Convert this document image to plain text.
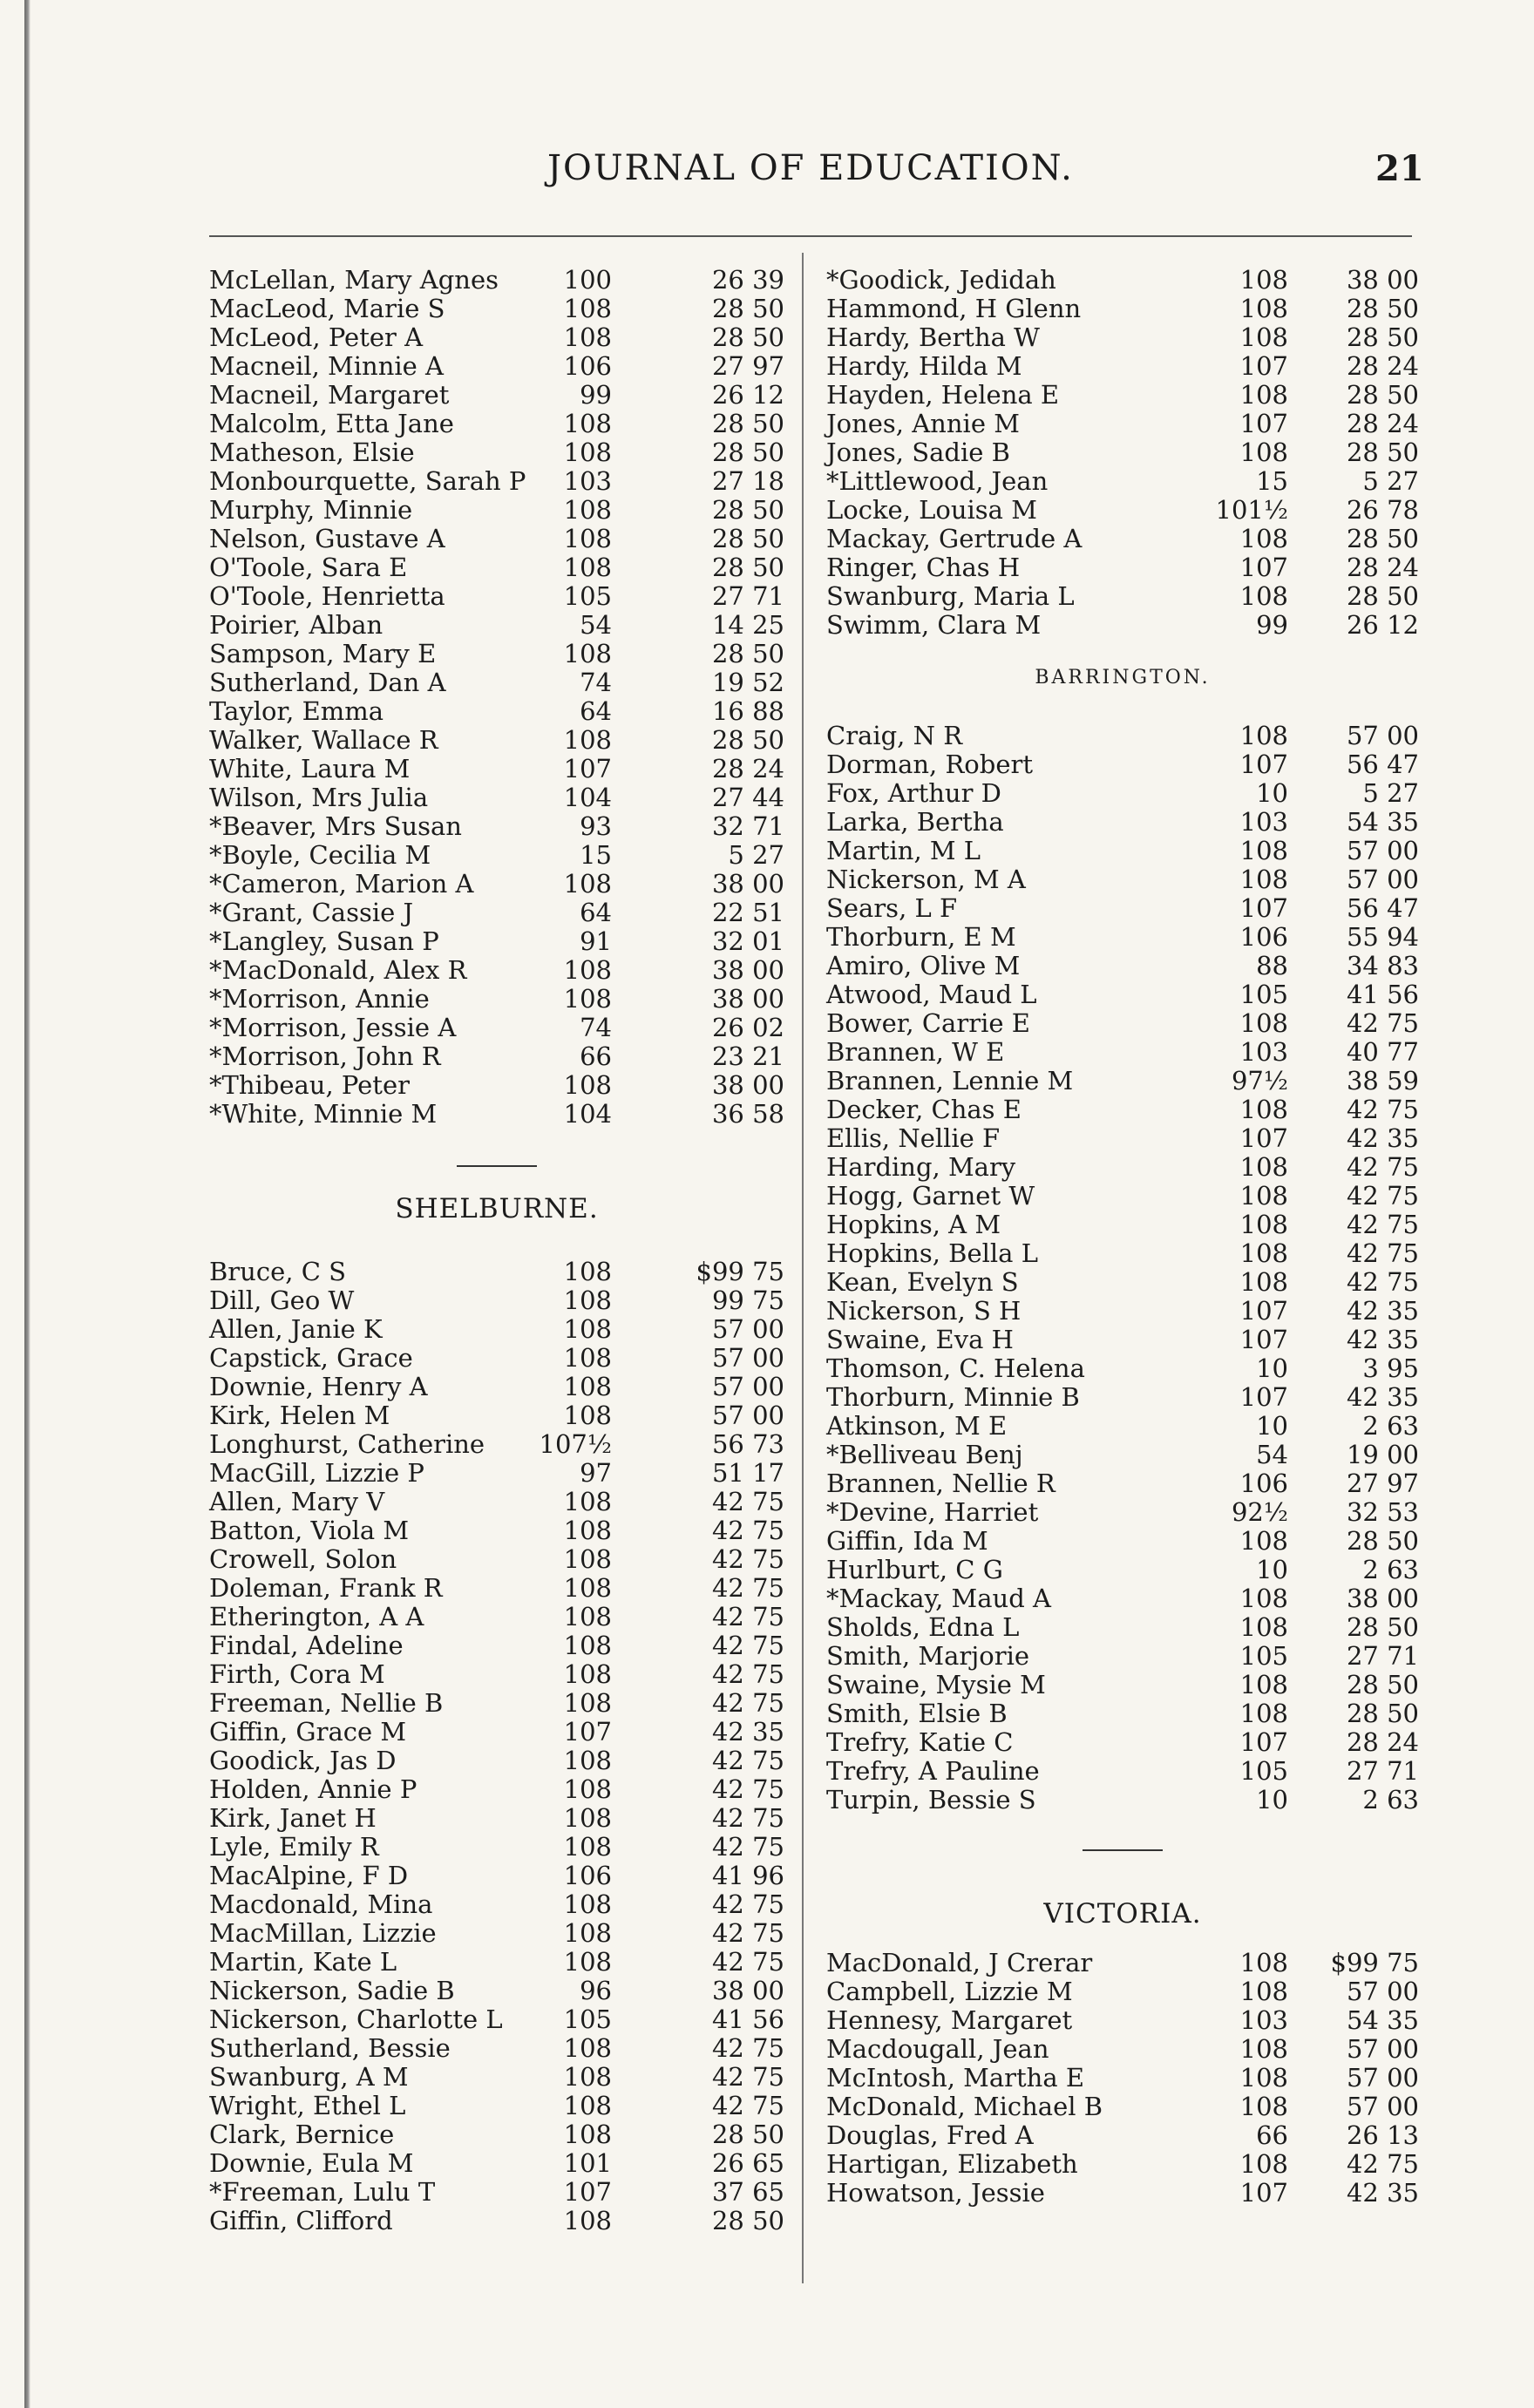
JOURNAL OF EDUCATION.	21
McLellan, Mary Agnes	100	26 39
MacLeod, Marie S	108	28 50
McLeod, Peter A	108	28 50
Macneil, Minnie A	106	27 97
Macneil, Margaret	99	26 12
Malcolm, Etta Jane	108	28 50
Matheson, Elsie	108	28 50
Monbourquette, Sarah P 103	27 18
Murphy, Minnie	108	28 50
Nelson, Gustave A	108	28 50
O'Toole, Sara E	108	28 50
O'Toole, Henrietta	105	27 71
Poirier, Alban	54	14 25
Sampson, Mary E	108	28 50
Sutherland, Dan A	74	19 52
Taylor, Emma	64	16 88
Walker, Wallace R	108	28 50
White, Laura M	107	28 24
Wilson, Mrs Julia	104	27 44
*Beaver, Mrs Susan	93	32 71
*Boyle, Cecilia M	15	5 27
*Cameron, Marion A	108	38 00
*Grant, Cassie J	64	22 51
*Langley, Susan P	91	32 01
*MacDonald, Alex R	108	38 00
*Morrison, Annie	108	38 00
*Morrison, Jessie A	74	26 02
*Morrison, John R	66	23 21
*Thibeau, Peter	108	38 00
*White, Minnie M	104	36 58
SHELBURNE.
Bruce, C S	108	$99 75
Dill, Geo W	108	99 75
Allen, Janie K	108	57 00
Capstick, Grace	108	57 00
Downie, Henry A	108	57 00
Kirk, Helen M	108	57 00
Longhurst, Catherine 107½	56 73
MacGill, Lizzie P	97	51 17
Allen, Mary V	108	42 75
Batton, Viola M	108	42 75
Crowell, Solon	108	42 75
Doleman, Frank R	108	42 75
Etherington, A A	108	42 75
Findal, Adeline	108	42 75
Firth, Cora M	108	42 75
Freeman, Nellie B	108	42 75
Giffin, Grace M	107	42 35
Goodick, Jas D	108	42 75
Holden, Annie P	108	42 75
Kirk, Janet H	108	42 75
Lyle, Emily R	108	42 75
MacAlpine, F D	106	41 96
Macdonald, Mina	108	42 75
MacMillan, Lizzie	108	42 75
Martin, Kate L	108	42 75
Nickerson, Sadie B	96	38 00
Nickerson, Charlotte L 105	41 56
Sutherland, Bessie	108	42 75
Swanburg, A M	108	42 75
Wright, Ethel L	108	42 75
Clark, Bernice	108	28 50
Downie, Eula M	101	26 65
*Freeman, Lulu T	107	37 65
Giffin, Clifford	108	28 50
*Goodick, Jedidah	108 38 00
Hammond, H Glenn	108 28 50
Hardy, Bertha W	108 28 50
Hardy, Hilda M	107 28 24
Hayden, Helena E	108 28 50
Jones, Annie M	107 28 24
Jones, Sadie B	108 28 50
*Littlewood, Jean	15	5 27
Locke, Louisa M	101½ 26 78
Mackay, Gertrude A	108 28 50
Ringer, Chas H	107 28 24
Swanburg, Maria L	108 28 50
Swimm, Clara M	99 26 12
BARRINGTON.
Craig, N R	108 57 00
Dorman, Robert	107 56 47
Fox, Arthur D	10	5 27
Larka, Bertha	103 54 35
Martin, M L	108 57 00
Nickerson, M A	108 57 00
Sears, L F	107 56 47
Thorburn, E M	106 55 94
Amiro, Olive M	88 34 83
Atwood, Maud L	105 41 56
Bower, Carrie E	108 42 75
Brannen, W E	103 40 77
Brannen, Lennie M	97½ 38 59
Decker, Chas E	108 42 75
Ellis, Nellie F	107 42 35
Harding, Mary	108 42 75
Hogg, Garnet W	108 42 75
Hopkins, A M	108 42 75
Hopkins, Bella L	108 42 75
Kean, Evelyn S	108 42 75
Nickerson, S H	107 42 35
Swaine, Eva H	107 42 35
Thomson, C. Helena	10	3 95
Thorburn, Minnie B	107 42 35
Atkinson, M E	10	2 63
*Belliveau Benj	54 19 00
Brannen, Nellie R	106 27 97
*Devine, Harriet	92½ 32 53
Giffin, Ida M	108 28 50
Hurlburt, C G	10	2 63
*Mackay, Maud A	108 38 00
Sholds, Edna L	108 28 50
Smith, Marjorie	105 27 71
Swaine, Mysie M	108 28 50
Smith, Elsie B	108 28 50
Trefry, Katie C	107 28 24
Trefry, A Pauline	105 27 71
Turpin, Bessie S	10	2 63
VICTORIA.
MacDonald, J Crerar	108 $99 75
Campbell, Lizzie M	108 57 00
Hennesy, Margaret	103 54 35
Macdougall, Jean	108 57 00
McIntosh, Martha E	108 57 00
McDonald, Michael B	108 57 00
Douglas, Fred A	66 26 13
Hartigan, Elizabeth	108 42 75
Howatson, Jessie	107 42 35
